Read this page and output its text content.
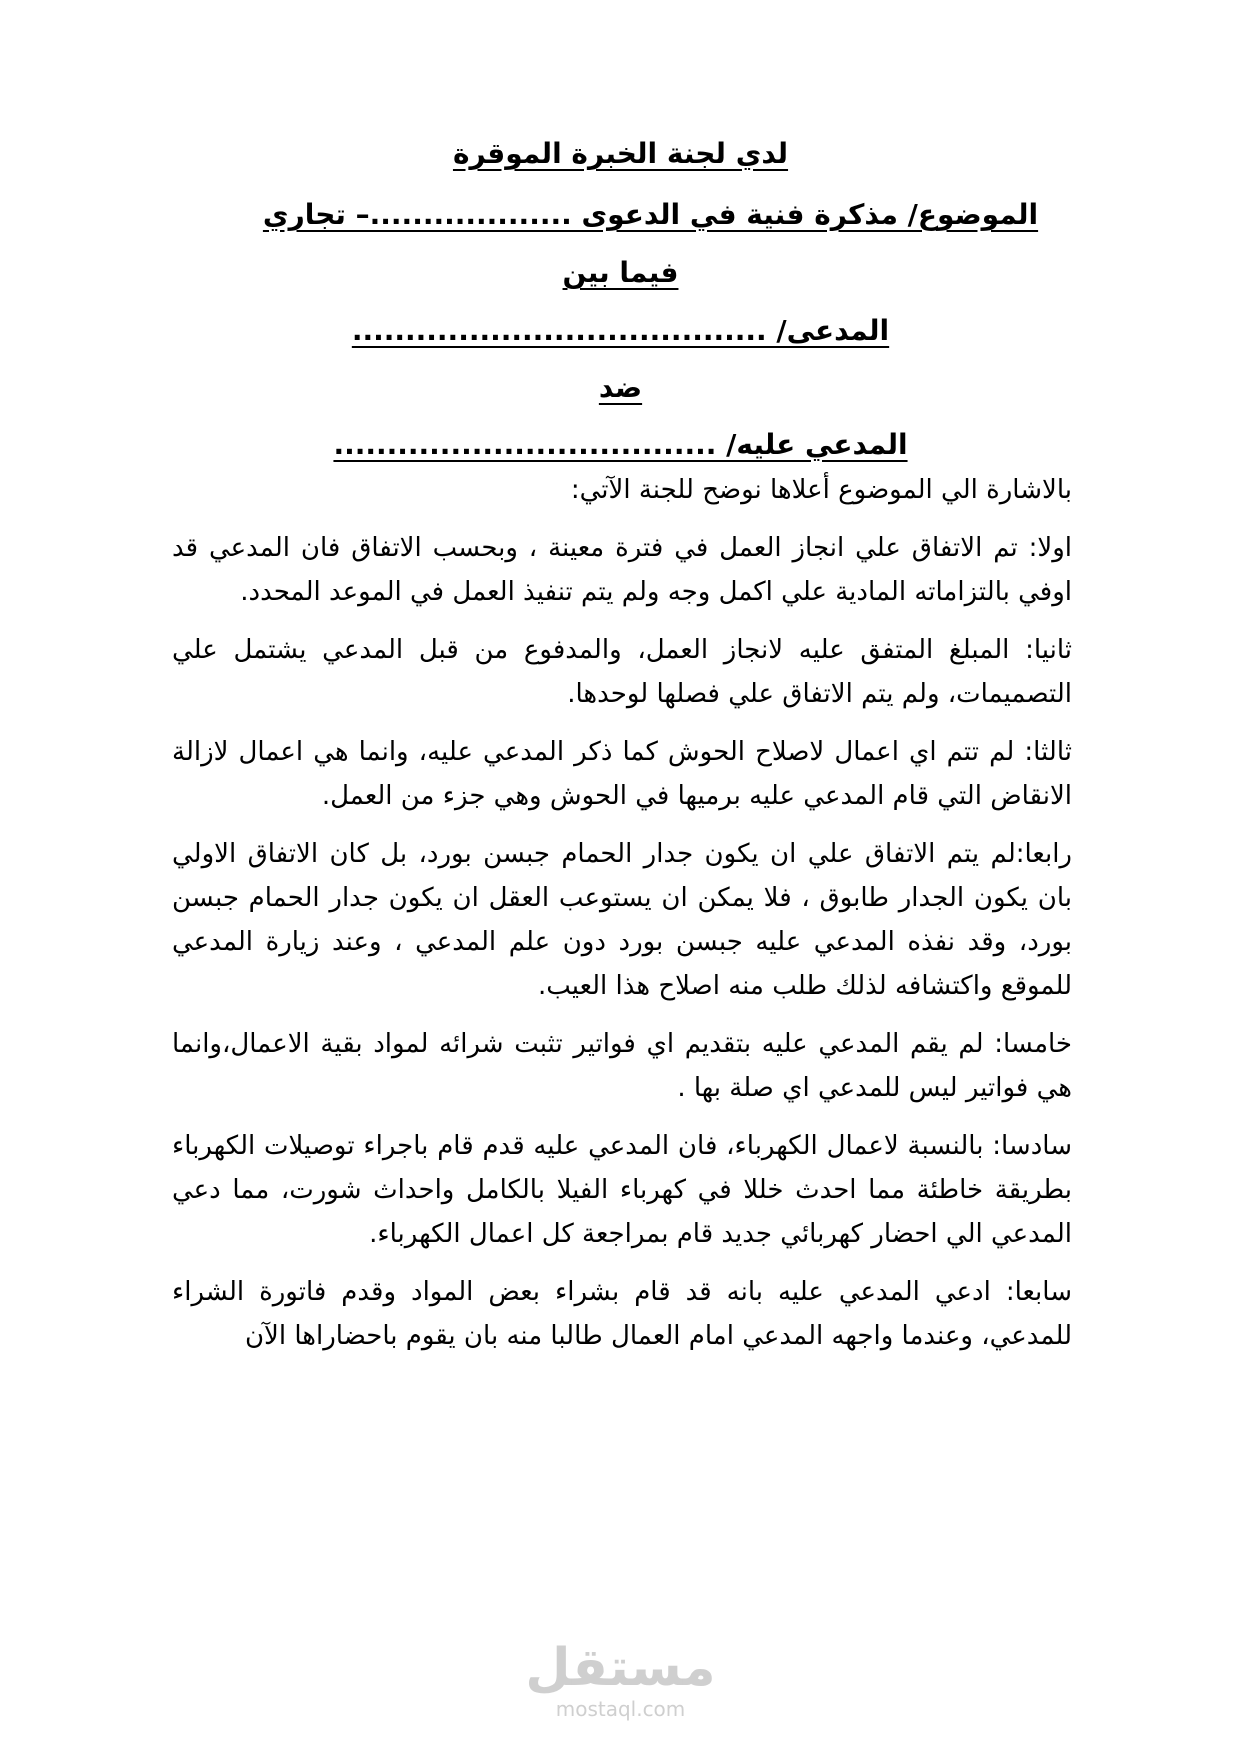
لدي لجنة الخبرة الموقرة
الموضوع/ مذكرة فنية في الدعوى ...................– تجاري
فيما بين
المدعى/ .......................................
ضد
المدعي عليه/ ....................................

بالاشارة الي الموضوع أعلاها نوضح للجنة الآتي:

اولا: تم الاتفاق علي انجاز العمل في فترة معينة ، وبحسب الاتفاق فان المدعي قد اوفي بالتزاماته المادية علي اكمل وجه ولم يتم تنفيذ العمل في الموعد المحدد.

ثانيا: المبلغ المتفق عليه لانجاز العمل، والمدفوع من قبل المدعي يشتمل علي التصميمات، ولم يتم الاتفاق علي فصلها لوحدها.

ثالثا: لم تتم اي اعمال لاصلاح الحوش كما ذكر المدعي عليه، وانما هي اعمال لازالة الانقاض التي قام المدعي عليه برميها في الحوش وهي جزء من العمل.

رابعا:لم يتم الاتفاق علي ان يكون جدار الحمام جبسن بورد، بل كان الاتفاق الاولي بان يكون الجدار طابوق ، فلا يمكن ان يستوعب العقل ان يكون جدار الحمام جبسن بورد، وقد نفذه المدعي عليه جبسن بورد دون علم المدعي ، وعند زيارة المدعي للموقع واكتشافه لذلك طلب منه اصلاح هذا العيب.

خامسا: لم يقم المدعي عليه بتقديم اي فواتير تثبت شرائه لمواد بقية الاعمال،وانما هي فواتير ليس للمدعي اي صلة بها .

سادسا: بالنسبة لاعمال الكهرباء، فان المدعي عليه قدم قام باجراء توصيلات الكهرباء بطريقة خاطئة مما احدث خللا في كهرباء الفيلا بالكامل واحداث شورت، مما دعي المدعي الي احضار كهربائي جديد قام بمراجعة كل اعمال الكهرباء.

سابعا: ادعي المدعي عليه بانه قد قام بشراء بعض المواد وقدم فاتورة الشراء للمدعي، وعندما واجهه المدعي امام العمال طالبا منه بان يقوم باحضاراها الآن

مستقل
mostaql.com
